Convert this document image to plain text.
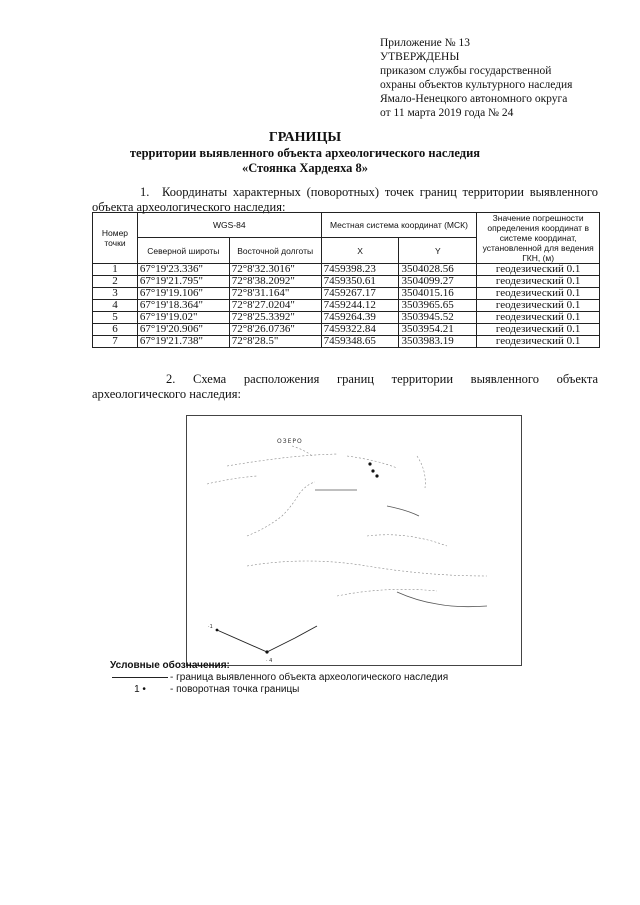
Приложение № 13
УТВЕРЖДЕНЫ
приказом службы государственной
охраны объектов культурного наследия
Ямало-Ненецкого автономного округа
от 11 марта 2019 года № 24
ГРАНИЦЫ
территории выявленного объекта археологического наследия
«Стоянка Хардеяха 8»
1. Координаты характерных (поворотных) точек границ территории выявленного объекта археологического наследия:
Номер точки	WGS-84		Местная система координат (МСК)		Значение погрешности определения координат в системе координат, установленной для ведения ГКН, (м)
	Северной широты	Восточной долготы	X	Y	
1	67°19'23.336"	72°8'32.3016"	7459398.23	3504028.56	геодезический 0.1
2	67°19'21.795"	72°8'38.2092"	7459350.61	3504099.27	геодезический 0.1
3	67°19'19.106"	72°8'31.164"	7459267.17	3504015.16	геодезический 0.1
4	67°19'18.364"	72°8'27.0204"	7459244.12	3503965.65	геодезический 0.1
5	67°19'19.02"	72°8'25.3392"	7459264.39	3503945.52	геодезический 0.1
6	67°19'20.906"	72°8'26.0736"	7459322.84	3503954.21	геодезический 0.1
7	67°19'21.738"	72°8'28.5"	7459348.65	3503983.19	геодезический 0.1
2. Схема расположения границ территории выявленного объекта археологического наследия:
·1
· 4
ОЗЕРО
Условные обозначения:
- граница выявленного объекта археологического наследия
1 • - поворотная точка границы
